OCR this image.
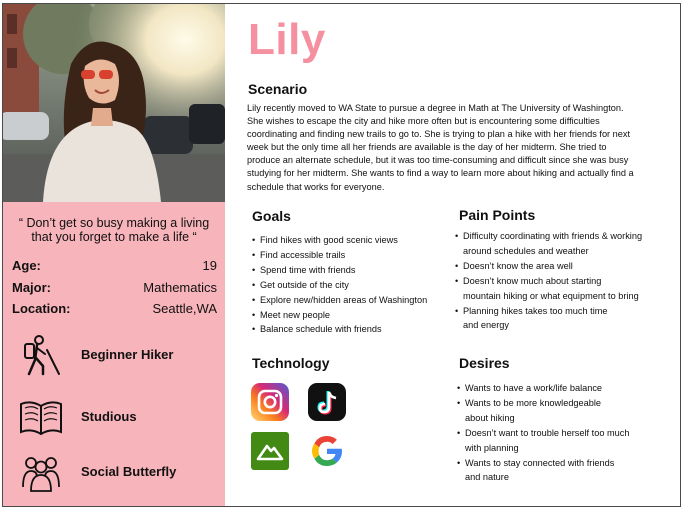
“ Don’t get so busy making a living that you forget to make a life “
Age:	19
Major:	Mathematics
Location:	Seattle,WA
Beginner Hiker
Studious
Social Butterfly
Lily
Scenario
Lily recently moved to WA State to pursue a degree in Math at The University of Washington. She wishes to escape the city and hike more often but is encountering some difficulties coordinating and finding new trails to go to. She is trying to plan a hike with her friends for next week but the only time all her friends are available is the day of her midterm. She tried to produce an alternate schedule, but it was too time-consuming and difficult since she was busy studying for her midterm. She wants to find a way to learn more about hiking and actually find a schedule that works for everyone.
Goals
• Find hikes with good scenic views
• Find accessible trails
• Spend time with friends
• Get outside of the city
• Explore new/hidden areas of Washington
• Meet new people
• Balance schedule with friends
Pain Points
• Difficulty coordinating with friends & working
around schedules and weather
• Doesn’t know the area well
• Doesn’t know much about starting
mountain hiking or what equipment to bring
• Planning hikes takes too much time
and energy
Technology	Desires
• Wants to have a work/life balance
• Wants to be more knowledgeable
about hiking
• Doesn’t want to trouble herself too much
with planning
• Wants to stay connected with friends
and nature
